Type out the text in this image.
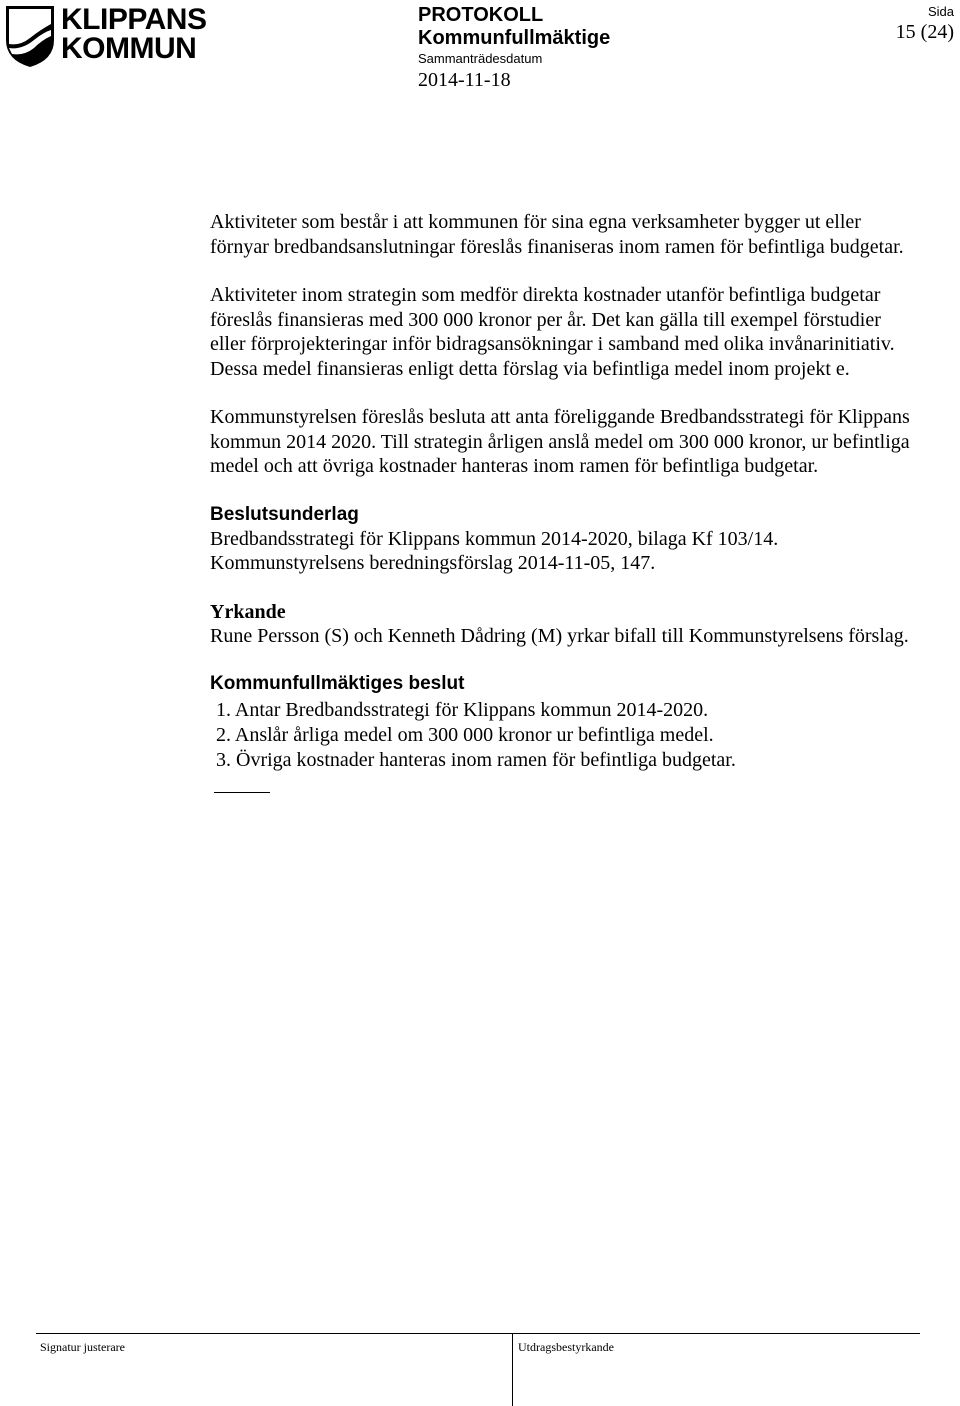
KLIPPANS
KOMMUN
PROTOKOLL
Kommunfullmäktige
Sammanträdesdatum
2014-11-18
Sida
15 (24)

Aktiviteter som består i att kommunen för sina egna verksamheter bygger ut eller förnyar bredbandsanslutningar föreslås finaniseras inom ramen för befintliga budgetar.

Aktiviteter inom strategin som medför direkta kostnader utanför befintliga budgetar föreslås finansieras med 300 000 kronor per år. Det kan gälla till exempel förstudier eller förprojekteringar inför bidragsansökningar i samband med olika invånarinitiativ. Dessa medel finansieras enligt detta förslag via befintliga medel inom projekt e.

Kommunstyrelsen föreslås besluta att anta föreliggande Bredbandsstrategi för Klippans kommun 2014 2020. Till strategin årligen anslå medel om 300 000 kronor, ur befintliga medel och att övriga kostnader hanteras inom ramen för befintliga budgetar.

Beslutsunderlag
Bredbandsstrategi för Klippans kommun 2014-2020, bilaga Kf 103/14.
Kommunstyrelsens beredningsförslag 2014-11-05, 147.
Yrkande
Rune Persson (S) och Kenneth Dådring (M) yrkar bifall till Kommunstyrelsens förslag.
Kommunfullmäktiges beslut
1. Antar Bredbandsstrategi för Klippans kommun 2014-2020.
2. Anslår årliga medel om 300 000 kronor ur befintliga medel.
3. Övriga kostnader hanteras inom ramen för befintliga budgetar.
Signatur justerare	Utdragsbestyrkande
